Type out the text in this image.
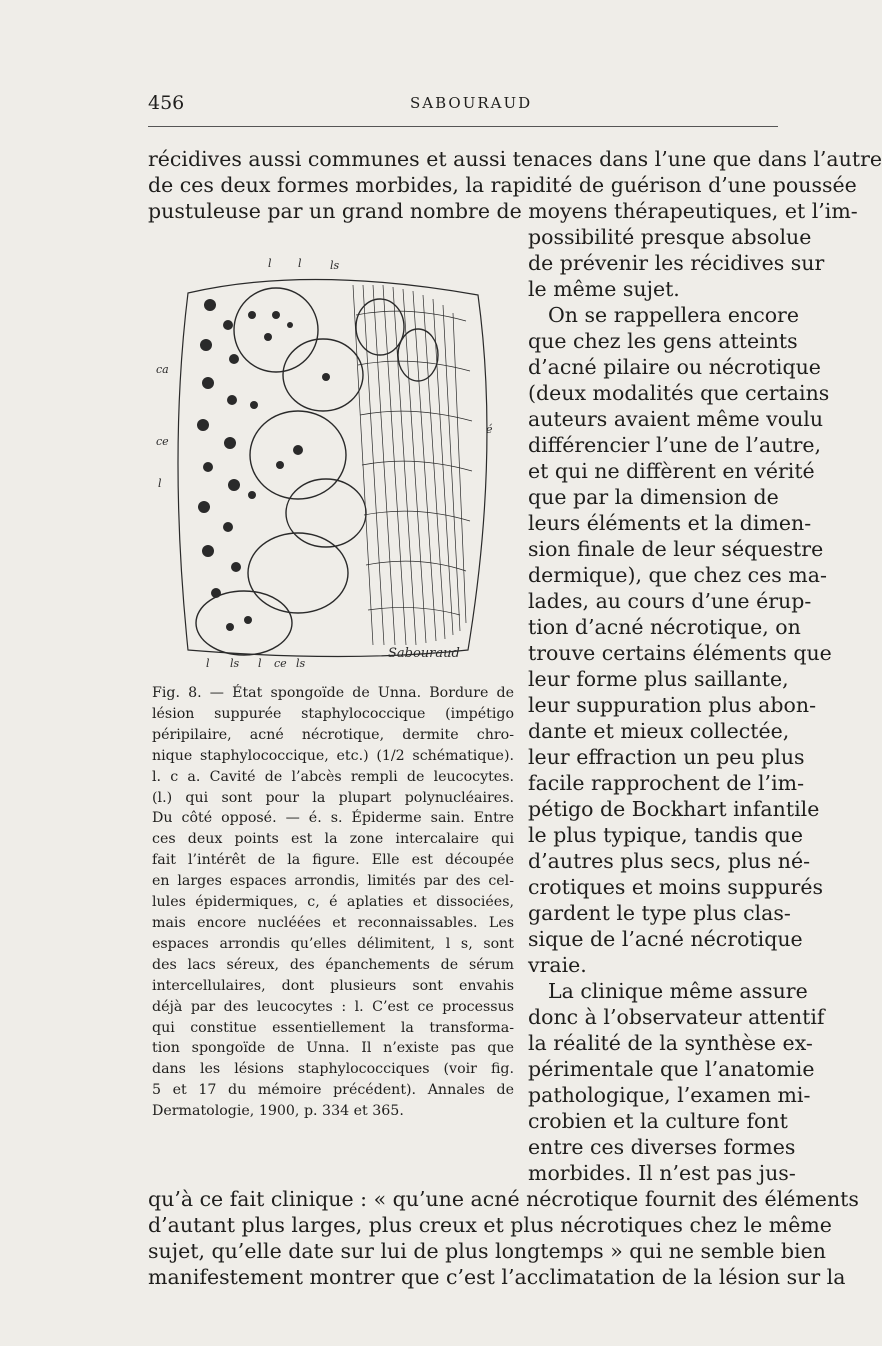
456	SABOURAUD
récidives aussi communes et aussi tenaces dans l’une que dans l’autre
de ces deux formes morbides, la rapidité de guérison d’une poussée
pustuleuse par un grand nombre de moyens thérapeutiques, et l’im-
possibilité presque absolue
de prévenir les récidives sur
le même sujet.
On se rappellera encore
que chez les gens atteints
d’acné pilaire ou nécrotique
(deux modalités que certains
auteurs avaient même voulu
différencier l’une de l’autre,
et qui ne diffèrent en vérité
que par la dimension de
leurs éléments et la dimen-
sion finale de leur séquestre
dermique), que chez ces ma-
lades, au cours d’une érup-
tion d’acné nécrotique, on
trouve certains éléments que
leur forme plus saillante,
leur suppuration plus abon-
dante et mieux collectée,
leur effraction un peu plus
facile rapprochent de l’im-
pétigo de Bockhart infantile
le plus typique, tandis que
d’autres plus secs, plus né-
crotiques et moins suppurés
gardent le type plus clas-
sique de l’acné nécrotique
vraie.
La clinique même assure
donc à l’observateur attentif
la réalité de la synthèse ex-
périmentale que l’anatomie
pathologique, l’examen mi-
crobien et la culture font
entre ces diverses formes
morbides. Il n’est pas jus-
qu’à ce fait clinique : « qu’une acné nécrotique fournit des éléments
d’autant plus larges, plus creux et plus nécrotiques chez le même
sujet, qu’elle date sur lui de plus longtemps » qui ne semble bien
manifestement montrer que c’est l’acclimatation de la lésion sur la
l l	ls
ca
ce
l
é
l ls l ce ls
Sabouraud

Fig. 8. — État spongoïde de Unna. Bordure de

lésion suppurée staphylococcique (impétigo

péripilaire, acné nécrotique, dermite chro-

nique staphylococcique, etc.) (1/2 schématique).

l. c a. Cavité de l’abcès rempli de leucocytes.

(l.) qui sont pour la plupart polynucléaires.

Du côté opposé. — é. s. Épiderme sain. Entre

ces deux points est la zone intercalaire qui

fait l’intérêt de la figure. Elle est découpée

en larges espaces arrondis, limités par des cel-

lules épidermiques, c, é aplaties et dissociées,

mais encore nucléées et reconnaissables. Les

espaces arrondis qu’elles délimitent, l s, sont

des lacs séreux, des épanchements de sérum

intercellulaires, dont plusieurs sont envahis

déjà par des leucocytes : l. C’est ce processus

qui constitue essentiellement la transforma-

tion spongoïde de Unna. Il n’existe pas que

dans les lésions staphylococciques (voir fig.

5 et 17 du mémoire précédent). Annales de

Dermatologie, 1900, p. 334 et 365.
